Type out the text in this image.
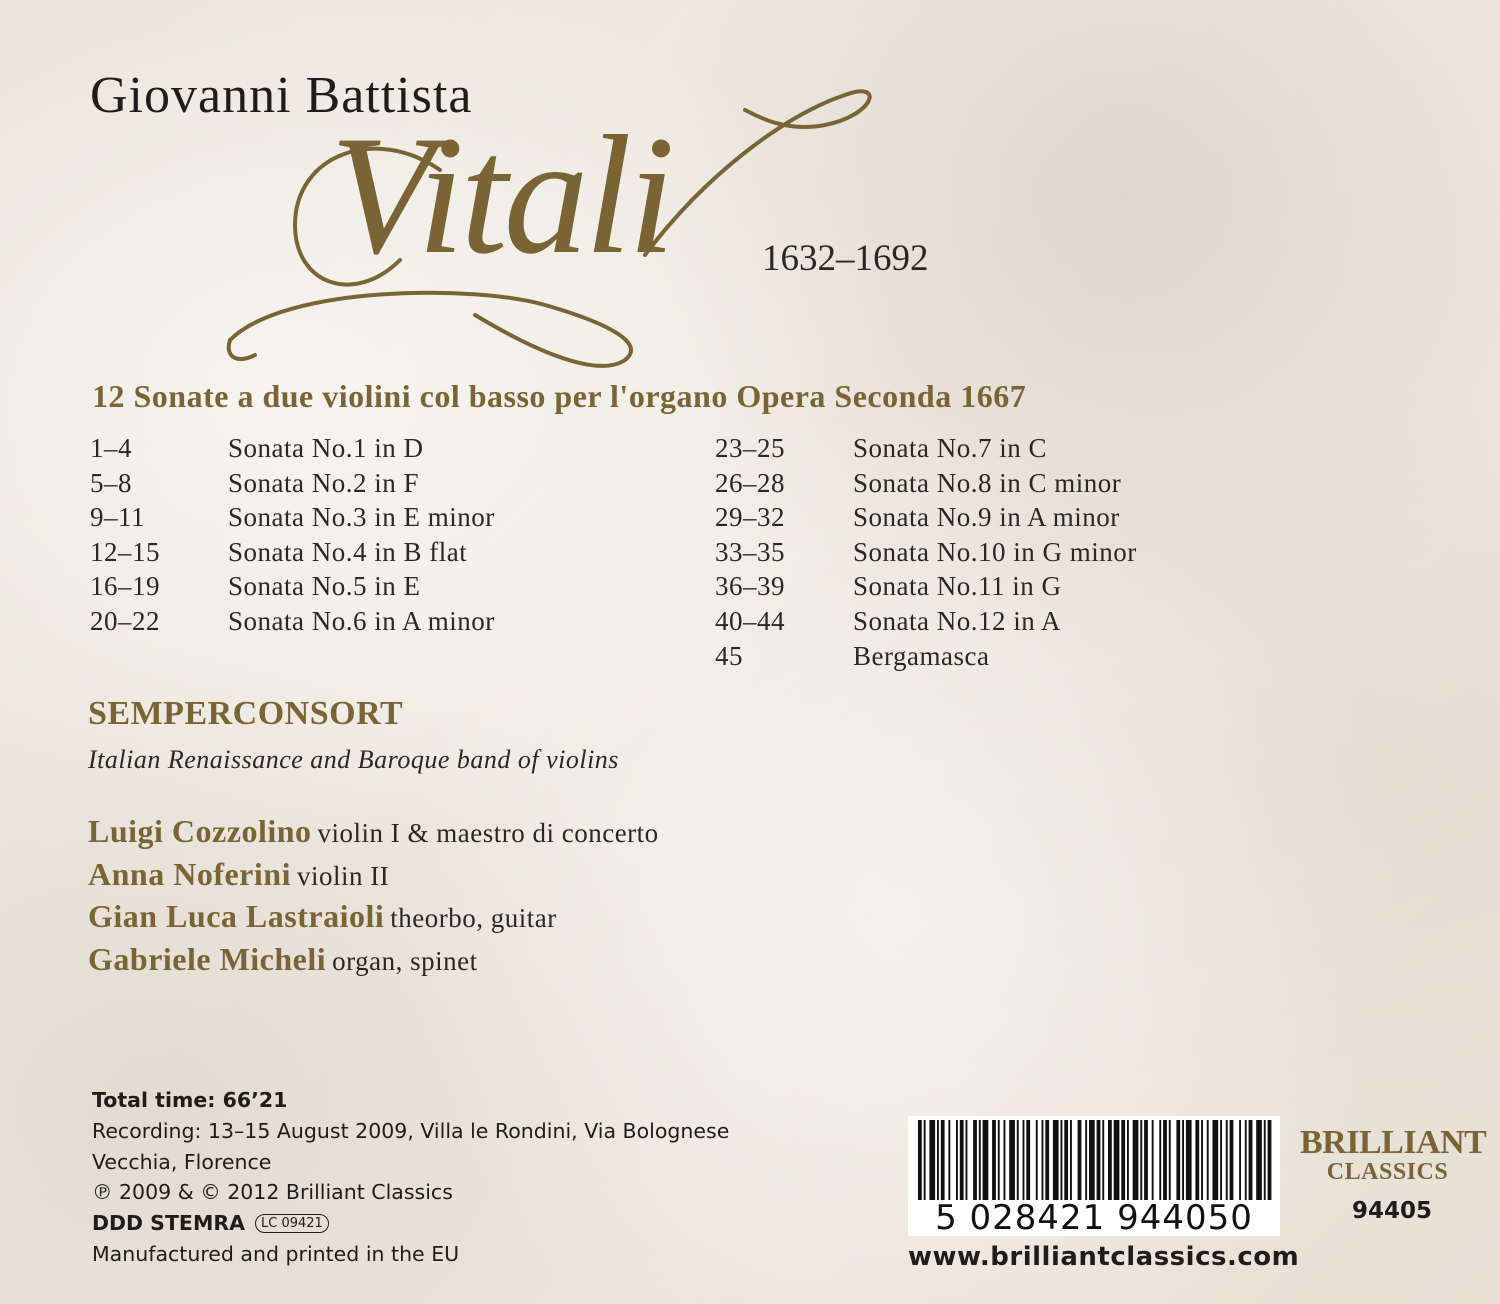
Giovanni Battista
Vitali 1632–1692
12 Sonate a due violini col basso per l'organo Opera Seconda 1667
1–4	Sonata No.1 in D
5–8	Sonata No.2 in F
9–11	Sonata No.3 in E minor
12–15	Sonata No.4 in B flat
16–19	Sonata No.5 in E
20–22	Sonata No.6 in A minor
23–25	Sonata No.7 in C
26–28	Sonata No.8 in C minor
29–32	Sonata No.9 in A minor
33–35	Sonata No.10 in G minor
36–39	Sonata No.11 in G
40–44	Sonata No.12 in A
45	Bergamasca
SEMPERCONSORT
Italian Renaissance and Baroque band of violins
Luigi Cozzolino violin I & maestro di concerto
Anna Noferini violin II
Gian Luca Lastraioli theorbo, guitar
Gabriele Micheli organ, spinet
Total time: 66’21
Recording: 13–15 August 2009, Villa le Rondini, Via Bolognese
Vecchia, Florence
℗ 2009 & © 2012 Brilliant Classics
DDD STEMRA LC 09421
Manufactured and printed in the EU
5 028421 944050
www.brilliantclassics.com
BRILLIANT
CLASSICS
94405
